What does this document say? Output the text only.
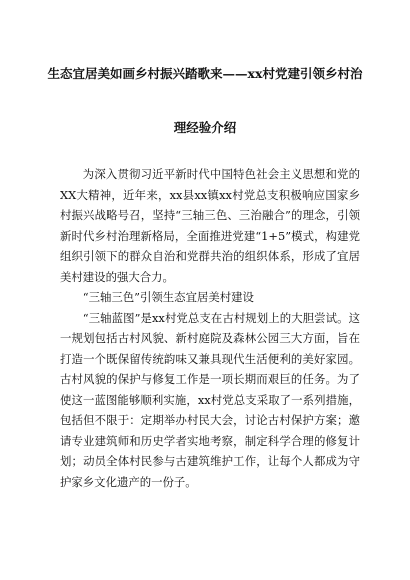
生态宜居美如画乡村振兴踏歌来——xx村党建引领乡村治
理经验介绍

为深入贯彻习近平新时代中国特色社会主义思想和党的XX大精神，近年来，xx县xx镇xx村党总支积极响应国家乡村振兴战略号召，坚持“三轴三色、三治融合”的理念，引领新时代乡村治理新格局，全面推进党建“1+5”模式，构建党组织引领下的群众自治和党群共治的组织体系，形成了宜居美村建设的强大合力。

“三轴三色”引领生态宜居美村建设

“三轴蓝图”是xx村党总支在古村规划上的大胆尝试。这一规划包括古村风貌、新村庭院及森林公园三大方面，旨在打造一个既保留传统韵味又兼具现代生活便利的美好家园。古村风貌的保护与修复工作是一项长期而艰巨的任务。为了使这一蓝图能够顺利实施，xx村党总支采取了一系列措施，包括但不限于：定期举办村民大会，讨论古村保护方案；邀请专业建筑师和历史学者实地考察，制定科学合理的修复计划；动员全体村民参与古建筑维护工作，让每个人都成为守护家乡文化遗产的一份子。
